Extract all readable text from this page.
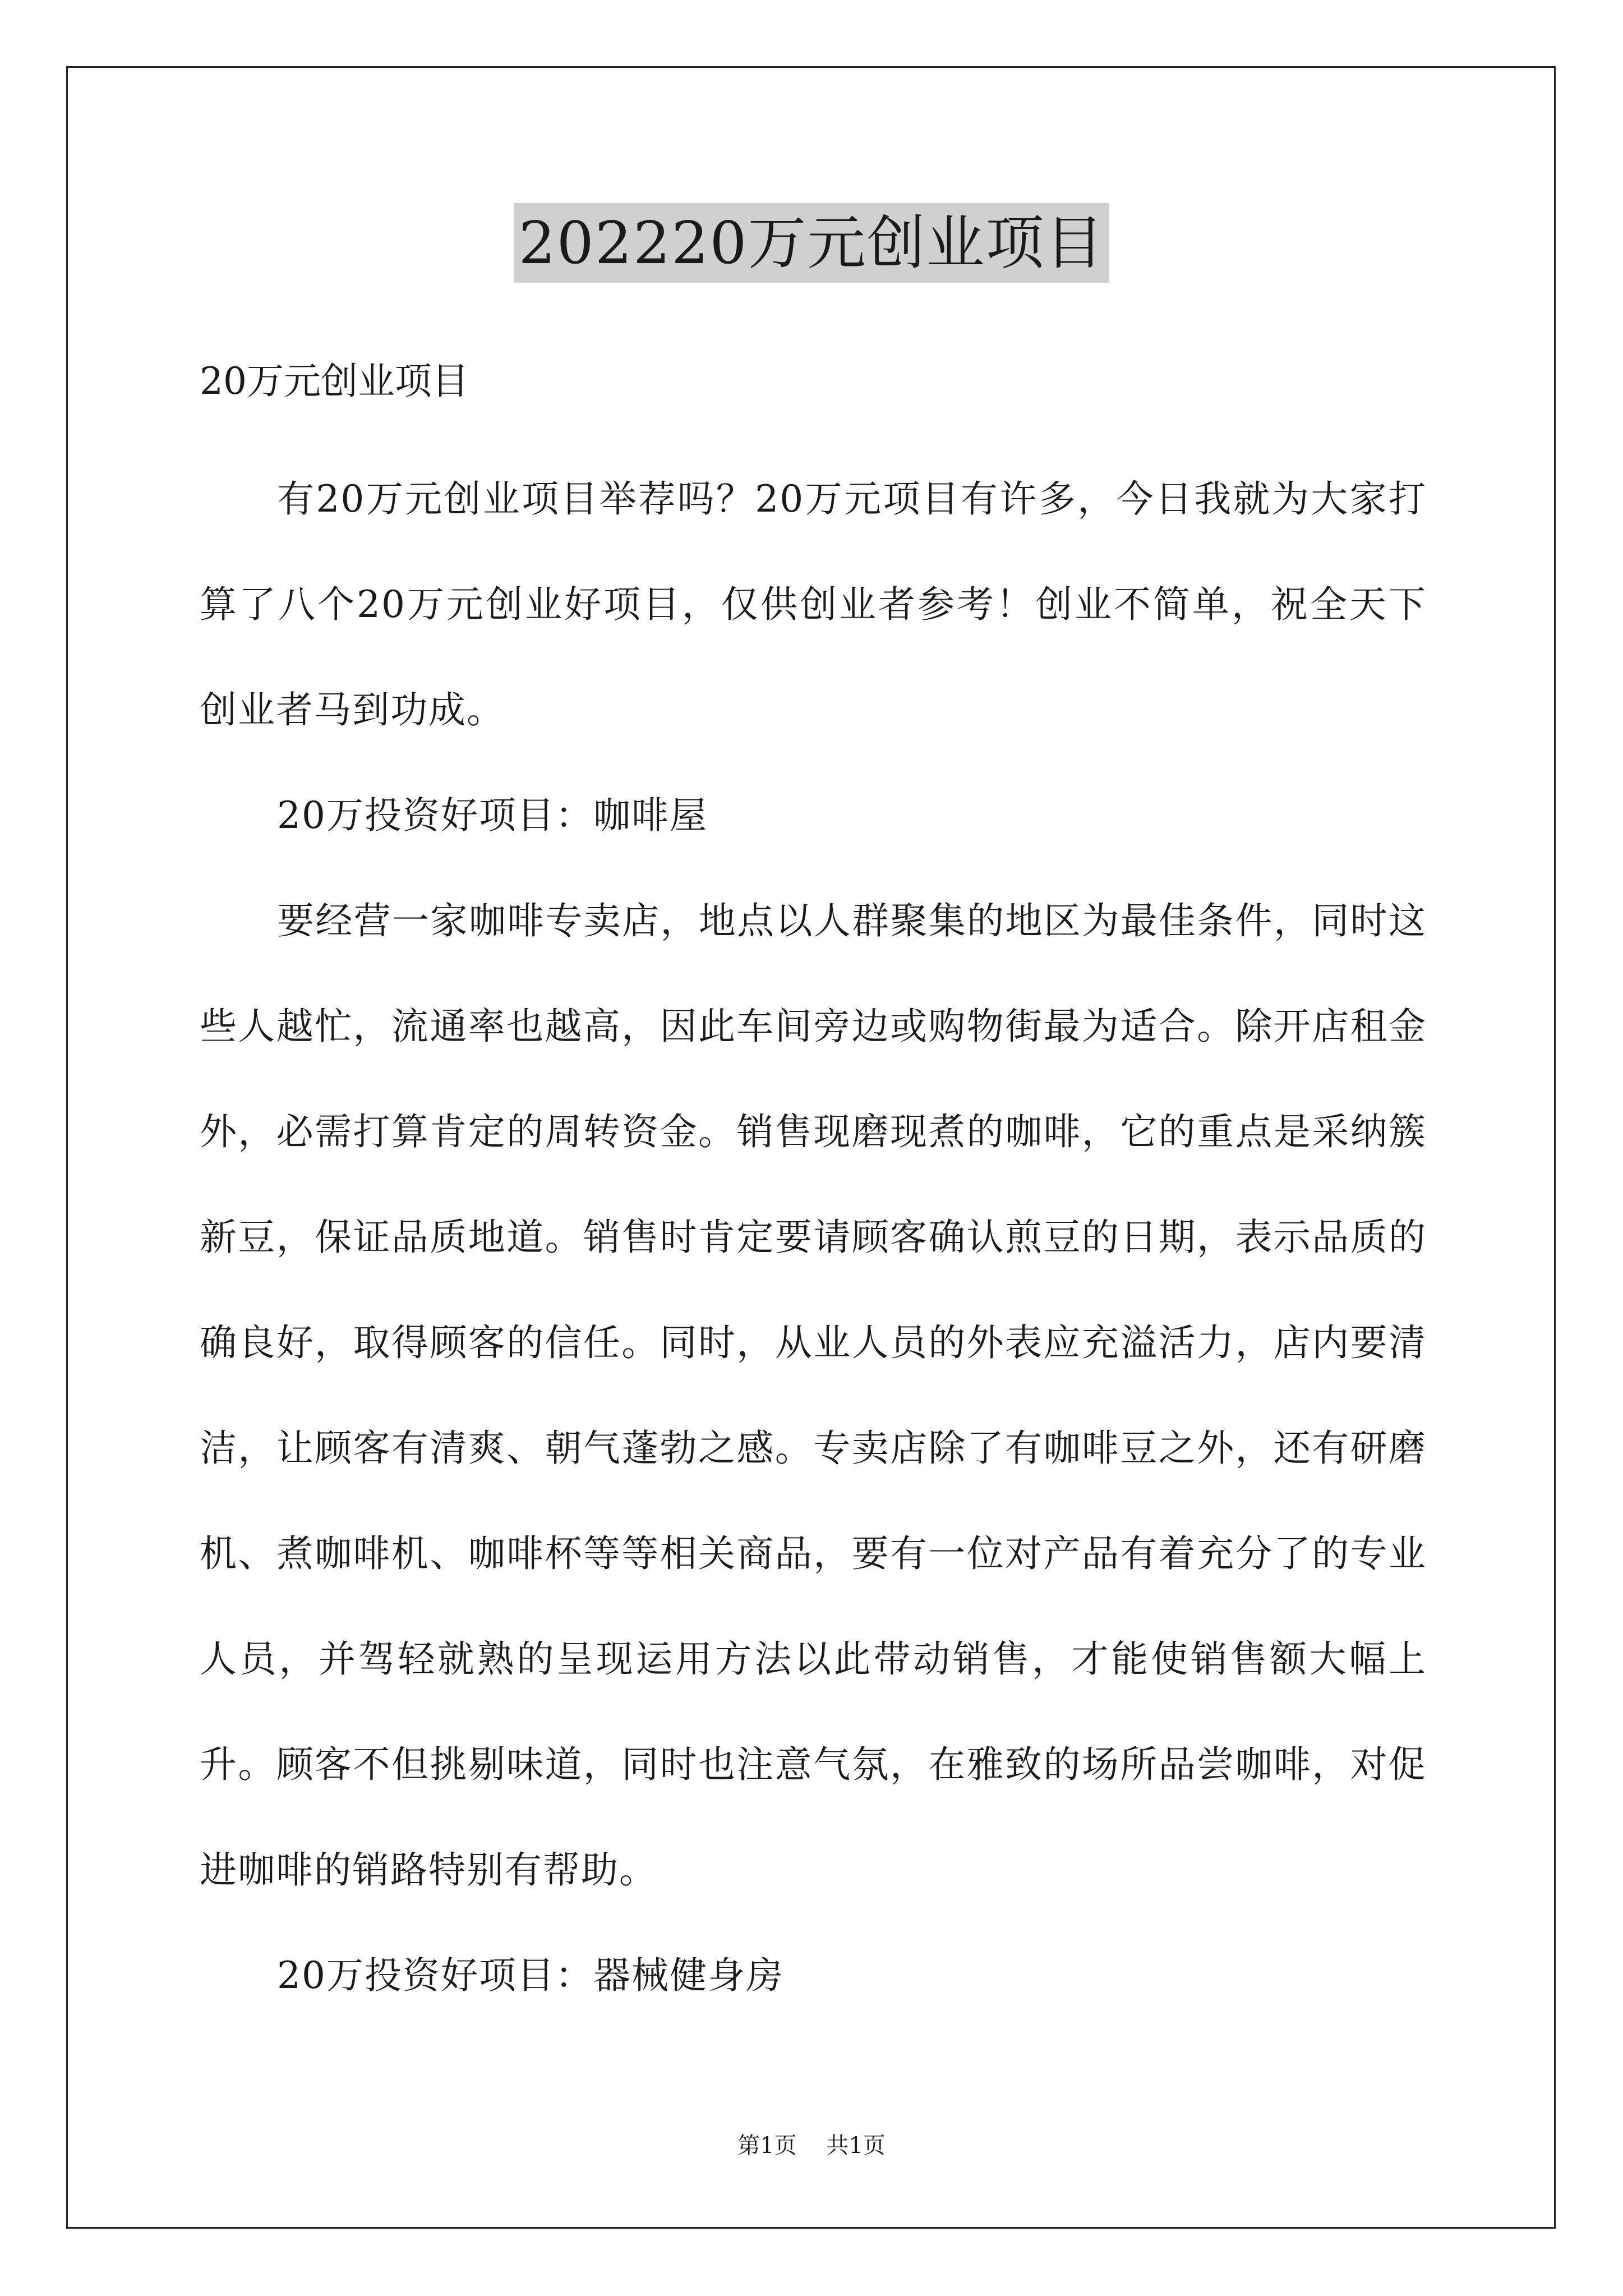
202220万元创业项目

20万元创业项目

有20万元创业项目举荐吗？20万元项目有许多，今日我就为大家打算了八个20万元创业好项目，仅供创业者参考！创业不简单，祝全天下创业者马到功成。

20万投资好项目：咖啡屋

要经营一家咖啡专卖店，地点以人群聚集的地区为最佳条件，同时这些人越忙，流通率也越高，因此车间旁边或购物街最为适合。除开店租金外，必需打算肯定的周转资金。销售现磨现煮的咖啡，它的重点是采纳簇新豆，保证品质地道。销售时肯定要请顾客确认煎豆的日期，表示品质的确良好，取得顾客的信任。同时，从业人员的外表应充溢活力，店内要清洁，让顾客有清爽、朝气蓬勃之感。专卖店除了有咖啡豆之外，还有研磨机、煮咖啡机、咖啡杯等等相关商品，要有一位对产品有着充分了的专业人员，并驾轻就熟的呈现运用方法以此带动销售，才能使销售额大幅上升。顾客不但挑剔味道，同时也注意气氛，在雅致的场所品尝咖啡，对促进咖啡的销路特别有帮助。

20万投资好项目：器械健身房

第1页 共1页
